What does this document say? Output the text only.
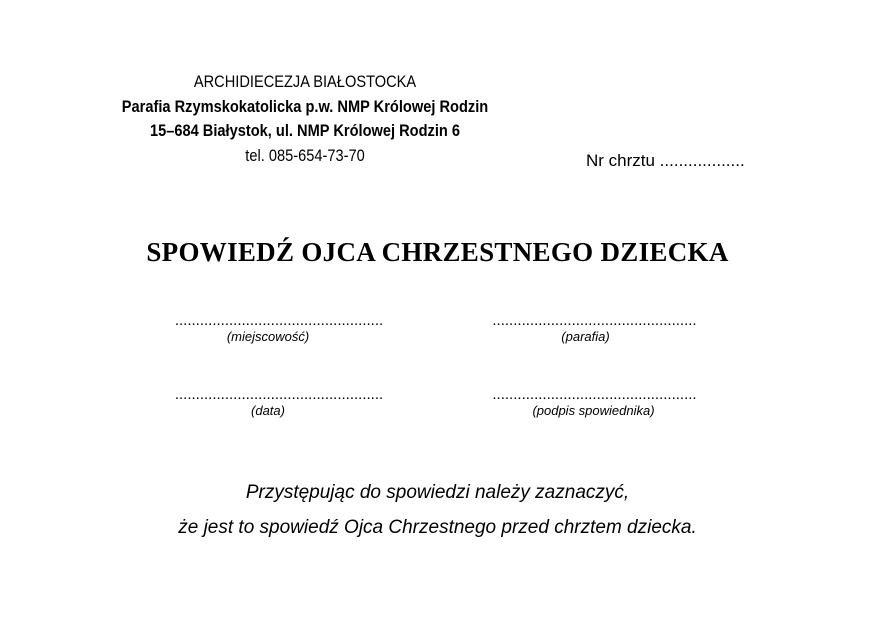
ARCHIDIECEZJA BIAŁOSTOCKA
Parafia Rzymskokatolicka p.w. NMP Królowej Rodzin
15–684 Białystok, ul. NMP Królowej Rodzin 6
tel. 085-654-73-70	Nr chrztu ..................
SPOWIEDŹ OJCA CHRZESTNEGO DZIECKA
..................................................
(miejscowość)
.................................................
(parafia)
..................................................
(data)
.................................................
(podpis spowiednika)
Przystępując do spowiedzi należy zaznaczyć,
że jest to spowiedź Ojca Chrzestnego przed chrztem dziecka.
